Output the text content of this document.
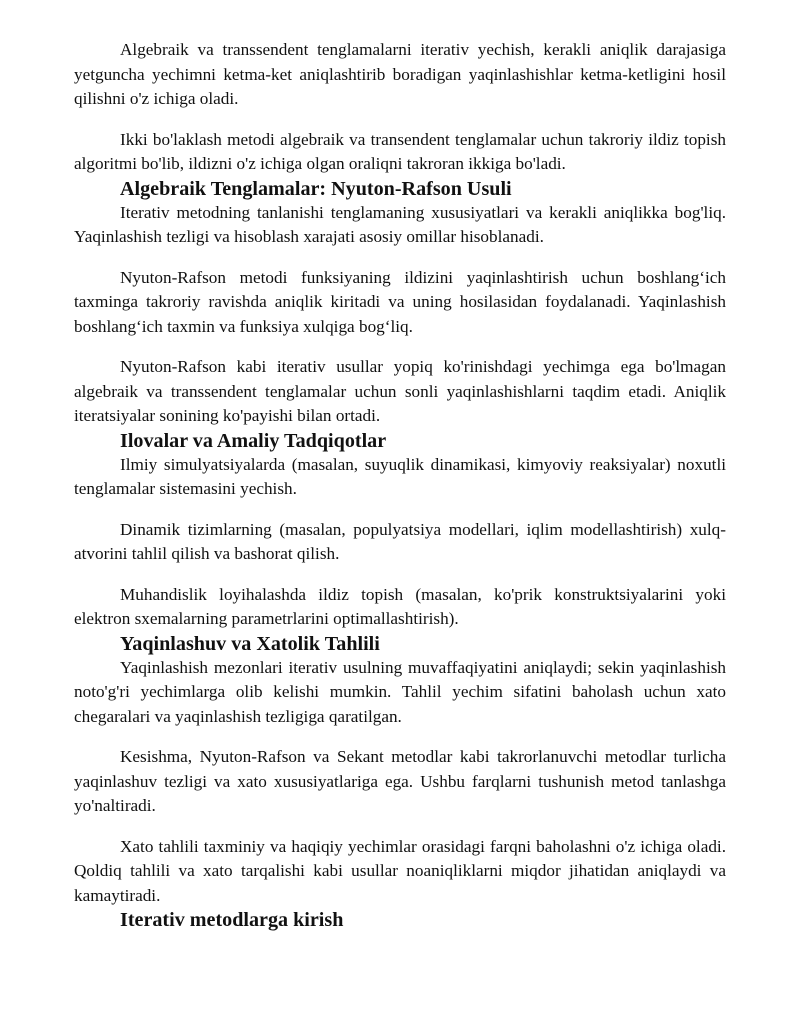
Algebraik va transsendent tenglamalarni iterativ yechish, kerakli aniqlik darajasiga yetguncha yechimni ketma-ket aniqlashtirib boradigan yaqinlashishlar ketma-ketligini hosil qilishni o'z ichiga oladi.

Ikki bo'laklash metodi algebraik va transendent tenglamalar uchun takroriy ildiz topish algoritmi bo'lib, ildizni o'z ichiga olgan oraliqni takroran ikkiga bo'ladi.

Algebraik Tenglamalar: Nyuton-Rafson Usuli

Iterativ metodning tanlanishi tenglamaning xususiyatlari va kerakli aniqlikka bog'liq. Yaqinlashish tezligi va hisoblash xarajati asosiy omillar hisoblanadi.

Nyuton-Rafson metodi funksiyaning ildizini yaqinlashtirish uchun boshlang‘ich taxminga takroriy ravishda aniqlik kiritadi va uning hosilasidan foydalanadi. Yaqinlashish boshlang‘ich taxmin va funksiya xulqiga bog‘liq.

Nyuton-Rafson kabi iterativ usullar yopiq ko'rinishdagi yechimga ega bo'lmagan algebraik va transsendent tenglamalar uchun sonli yaqinlashishlarni taqdim etadi. Aniqlik iteratsiyalar sonining ko'payishi bilan ortadi.

Ilovalar va Amaliy Tadqiqotlar

Ilmiy simulyatsiyalarda (masalan, suyuqlik dinamikasi, kimyoviy reaksiyalar) noxutli tenglamalar sistemasini yechish.

Dinamik tizimlarning (masalan, populyatsiya modellari, iqlim modellashtirish) xulq-atvorini tahlil qilish va bashorat qilish.

Muhandislik loyihalashda ildiz topish (masalan, ko'prik konstruktsiyalarini yoki elektron sxemalarning parametrlarini optimallashtirish).

Yaqinlashuv va Xatolik Tahlili

Yaqinlashish mezonlari iterativ usulning muvaffaqiyatini aniqlaydi; sekin yaqinlashish noto'g'ri yechimlarga olib kelishi mumkin. Tahlil yechim sifatini baholash uchun xato chegaralari va yaqinlashish tezligiga qaratilgan.

Kesishma, Nyuton-Rafson va Sekant metodlar kabi takrorlanuvchi metodlar turlicha yaqinlashuv tezligi va xato xususiyatlariga ega. Ushbu farqlarni tushunish metod tanlashga yo'naltiradi.

Xato tahlili taxminiy va haqiqiy yechimlar orasidagi farqni baholashni o'z ichiga oladi. Qoldiq tahlili va xato tarqalishi kabi usullar noaniqliklarni miqdor jihatidan aniqlaydi va kamaytiradi.

Iterativ metodlarga kirish
